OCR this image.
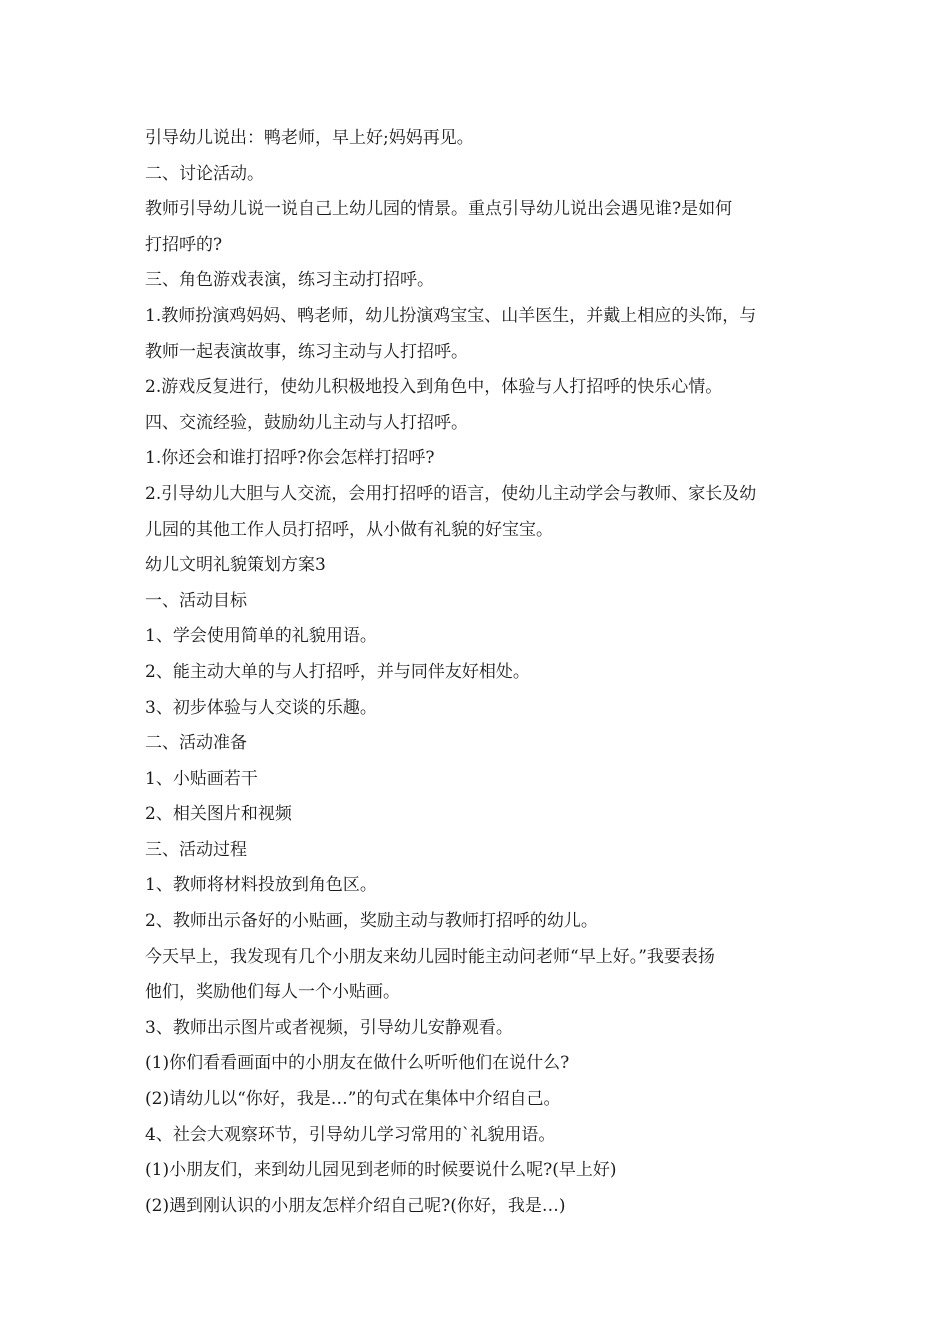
引导幼儿说出：鸭老师，早上好;妈妈再见。
二、讨论活动。
教师引导幼儿说一说自己上幼儿园的情景。重点引导幼儿说出会遇见谁?是如何
打招呼的?
三、角色游戏表演，练习主动打招呼。
1.教师扮演鸡妈妈、鸭老师，幼儿扮演鸡宝宝、山羊医生，并戴上相应的头饰，与
教师一起表演故事，练习主动与人打招呼。
2.游戏反复进行，使幼儿积极地投入到角色中，体验与人打招呼的快乐心情。
四、交流经验，鼓励幼儿主动与人打招呼。
1.你还会和谁打招呼?你会怎样打招呼?
2.引导幼儿大胆与人交流，会用打招呼的语言，使幼儿主动学会与教师、家长及幼
儿园的其他工作人员打招呼，从小做有礼貌的好宝宝。
幼儿文明礼貌策划方案3
一、活动目标
1、学会使用简单的礼貌用语。
2、能主动大单的与人打招呼，并与同伴友好相处。
3、初步体验与人交谈的乐趣。
二、活动准备
1、小贴画若干
2、相关图片和视频
三、活动过程
1、教师将材料投放到角色区。
2、教师出示备好的小贴画，奖励主动与教师打招呼的幼儿。
今天早上，我发现有几个小朋友来幼儿园时能主动问老师“早上好。”我要表扬
他们，奖励他们每人一个小贴画。
3、教师出示图片或者视频，引导幼儿安静观看。
(1)你们看看画面中的小朋友在做什么听听他们在说什么?
(2)请幼儿以“你好，我是…”的句式在集体中介绍自己。
4、社会大观察环节，引导幼儿学习常用的`礼貌用语。
(1)小朋友们，来到幼儿园见到老师的时候要说什么呢?(早上好)
(2)遇到刚认识的小朋友怎样介绍自己呢?(你好，我是…)
